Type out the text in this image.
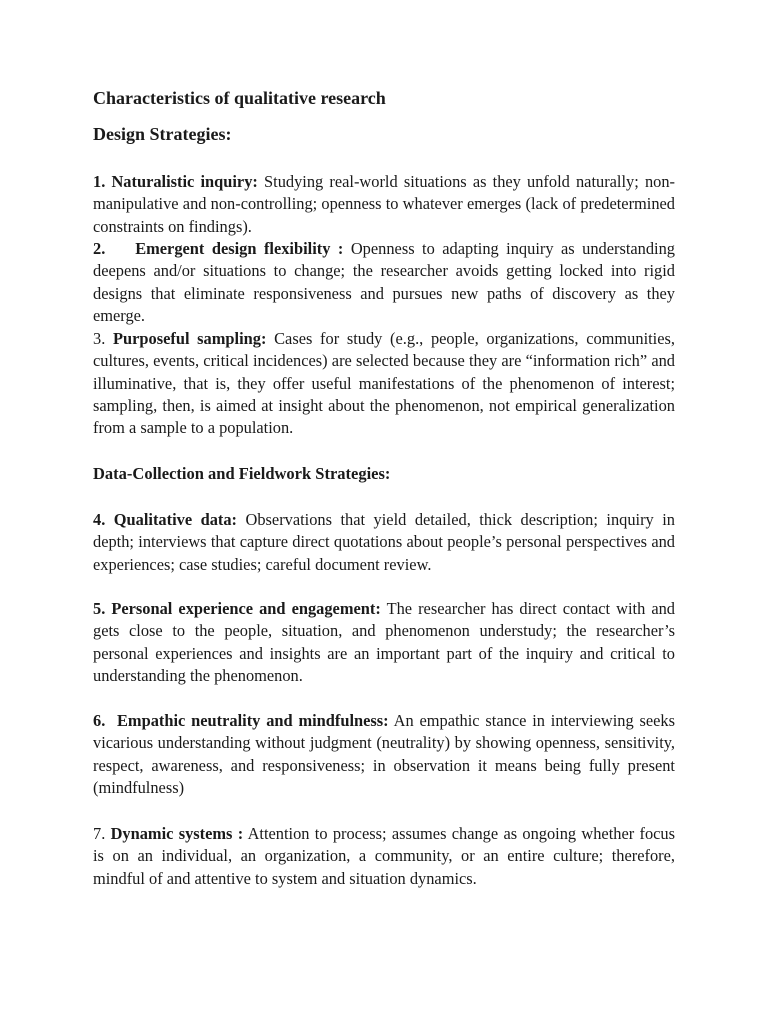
Characteristics of qualitative research
Design Strategies:

1. Naturalistic inquiry: Studying real-world situations as they unfold naturally; non-manipulative and non-controlling; openness to whatever emerges (lack of predetermined constraints on findings).

2. Emergent design flexibility : Openness to adapting inquiry as understanding deepens and/or situations to change; the researcher avoids getting locked into rigid designs that eliminate responsiveness and pursues new paths of discovery as they emerge.

3. Purposeful sampling: Cases for study (e.g., people, organizations, communities, cultures, events, critical incidences) are selected because they are “information rich” and illuminative, that is, they offer useful manifestations of the phenomenon of interest; sampling, then, is aimed at insight about the phenomenon, not empirical generalization from a sample to a population.

Data-Collection and Fieldwork Strategies:

4. Qualitative data: Observations that yield detailed, thick description; inquiry in depth; interviews that capture direct quotations about people’s personal perspectives and experiences; case studies; careful document review.

5. Personal experience and engagement: The researcher has direct contact with and gets close to the people, situation, and phenomenon understudy; the researcher’s personal experiences and insights are an important part of the inquiry and critical to understanding the phenomenon.

6. Empathic neutrality and mindfulness: An empathic stance in interviewing seeks vicarious understanding without judgment (neutrality) by showing openness, sensitivity, respect, awareness, and responsiveness; in observation it means being fully present (mindfulness)

7. Dynamic systems : Attention to process; assumes change as ongoing whether focus is on an individual, an organization, a community, or an entire culture; therefore, mindful of and attentive to system and situation dynamics.
